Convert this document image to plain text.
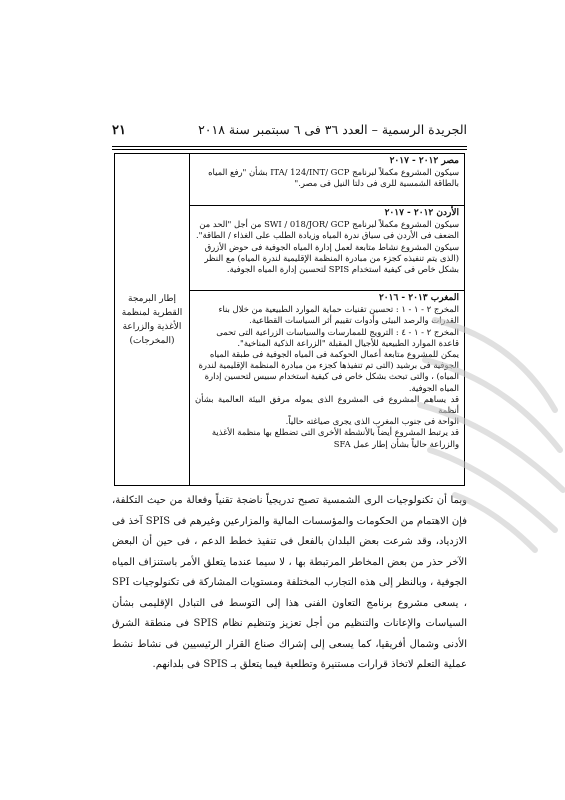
٢١	الجريدة الرسمية – العدد ٣٦ فى ٦ سبتمبر سنة ٢٠١٨
إطار البرمجة القطرية لمنظمة الأغذية والزراعة (المخرجات)
مصر ٢٠١٢ - ٢٠١٧
سيكون المشروع مكملاً لبرنامج ITA/ 124/INT/ GCP بشأن "رفع المياه
بالطاقة الشمسية للرى فى دلتا النيل فى مصر."
الأردن ٢٠١٢ - ٢٠١٧
سيكون المشروع مكملاً لبرنامج SWI / 018/JOR/ GCP من أجل "الحد من
الضعف فى الأردن فى سياق ندرة المياه وزيادة الطلب على الغذاء / الطاقة".
سيكون المشروع نشاط متابعة لعمل إدارة المياه الجوفية فى حوض الأزرق
(الذى يتم تنفيذه كجزء من مبادرة المنظمة الإقليمية لندرة المياه) مع النظر
بشكل خاص فى كيفية استخدام SPIS لتحسين إدارة المياه الجوفية.
المغرب ٢٠١٣ - ٢٠١٦
المخرج ٢ - ١ - ١ : تحسين تقنيات حماية الموارد الطبيعية من خلال بناء
القدرات والرصد البيئى وأدوات تقييم أثر السياسات القطاعية.
المخرج ٢ - ١ - ٤ : الترويج للممارسات والسياسات الزراعية التى تحمى
قاعدة الموارد الطبيعية للأجيال المقبلة "الزراعة الذكية المناخية".
يمكن للمشروع متابعة أعمال الحوكمة فى المياه الجوفية فى طبقة المياه
الجوفية فى برشيد (التى تم تنفيذها كجزء من مبادرة المنظمة الإقليمية لندرة
المياه) ، والتى تبحث بشكل خاص فى كيفية استخدام سبيس لتحسين إدارة
المياه الجوفية.
قد يساهم المشروع فى المشروع الذى يموله مرفق البيئة العالمية بشأن أنظمة
الواحة فى جنوب المغرب الذى يجرى صياغته حالياً.
قد يرتبط المشروع أيضاً بالأنشطة الأخرى التى تضطلع بها منظمة الأغذية
والزراعة حالياً بشأن إطار عمل SFA
وبما أن تكنولوجيات الرى الشمسية تصبح تدريجياً ناضجة تقنياً وفعالة من حيث التكلفة، فإن الاهتمام من الحكومات والمؤسسات المالية والمزارعين وغيرهم فى SPIS آخذ فى الازدياد، وقد شرعت بعض البلدان بالفعل فى تنفيذ خطط الدعم ، فى حين أن البعض الآخر حذر من بعض المخاطر المرتبطة بها ، لا سيما عندما يتعلق الأمر باستنزاف المياه الجوفية ، وبالنظر إلى هذه التجارب المختلفة ومستويات المشاركة فى تكنولوجيات SPI ، يسعى مشروع برنامج التعاون الفنى هذا إلى التوسط فى التبادل الإقليمى بشأن السياسات والإعانات والتنظيم من أجل تعزيز وتنظيم نظام SPIS فى منطقة الشرق الأدنى وشمال أفريقيا، كما يسعى إلى إشراك صناع القرار الرئيسيين فى نشاط نشط عملية التعلم لاتخاذ قرارات مستنيرة وتطلعية فيما يتعلق بـ SPIS فى بلدانهم.
